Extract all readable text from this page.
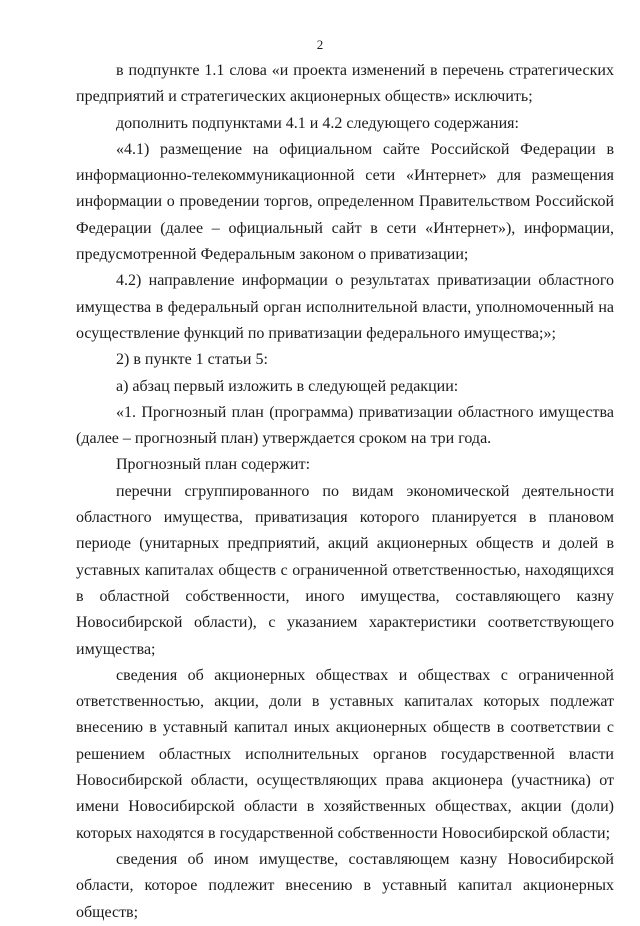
2

в подпункте 1.1 слова «и проекта изменений в перечень стратегических предприятий и стратегических акционерных обществ» исключить;

дополнить подпунктами 4.1 и 4.2 следующего содержания:

«4.1) размещение на официальном сайте Российской Федерации в информационно-телекоммуникационной сети «Интернет» для размещения информации о проведении торгов, определенном Правительством Российской Федерации (далее – официальный сайт в сети «Интернет»), информации, предусмотренной Федеральным законом о приватизации;

4.2) направление информации о результатах приватизации областного имущества в федеральный орган исполнительной власти, уполномоченный на осуществление функций по приватизации федерального имущества;»;

2) в пункте 1 статьи 5:

а) абзац первый изложить в следующей редакции:

«1. Прогнозный план (программа) приватизации областного имущества (далее – прогнозный план) утверждается сроком на три года.

Прогнозный план содержит:

перечни сгруппированного по видам экономической деятельности областного имущества, приватизация которого планируется в плановом периоде (унитарных предприятий, акций акционерных обществ и долей в уставных капиталах обществ с ограниченной ответственностью, находящихся в областной собственности, иного имущества, составляющего казну Новосибирской области), с указанием характеристики соответствующего имущества;

сведения об акционерных обществах и обществах с ограниченной ответственностью, акции, доли в уставных капиталах которых подлежат внесению в уставный капитал иных акционерных обществ в соответствии с решением областных исполнительных органов государственной власти Новосибирской области, осуществляющих права акционера (участника) от имени Новосибирской области в хозяйственных обществах, акции (доли) которых находятся в государственной собственности Новосибирской области;

сведения об ином имуществе, составляющем казну Новосибирской области, которое подлежит внесению в уставный капитал акционерных обществ;
